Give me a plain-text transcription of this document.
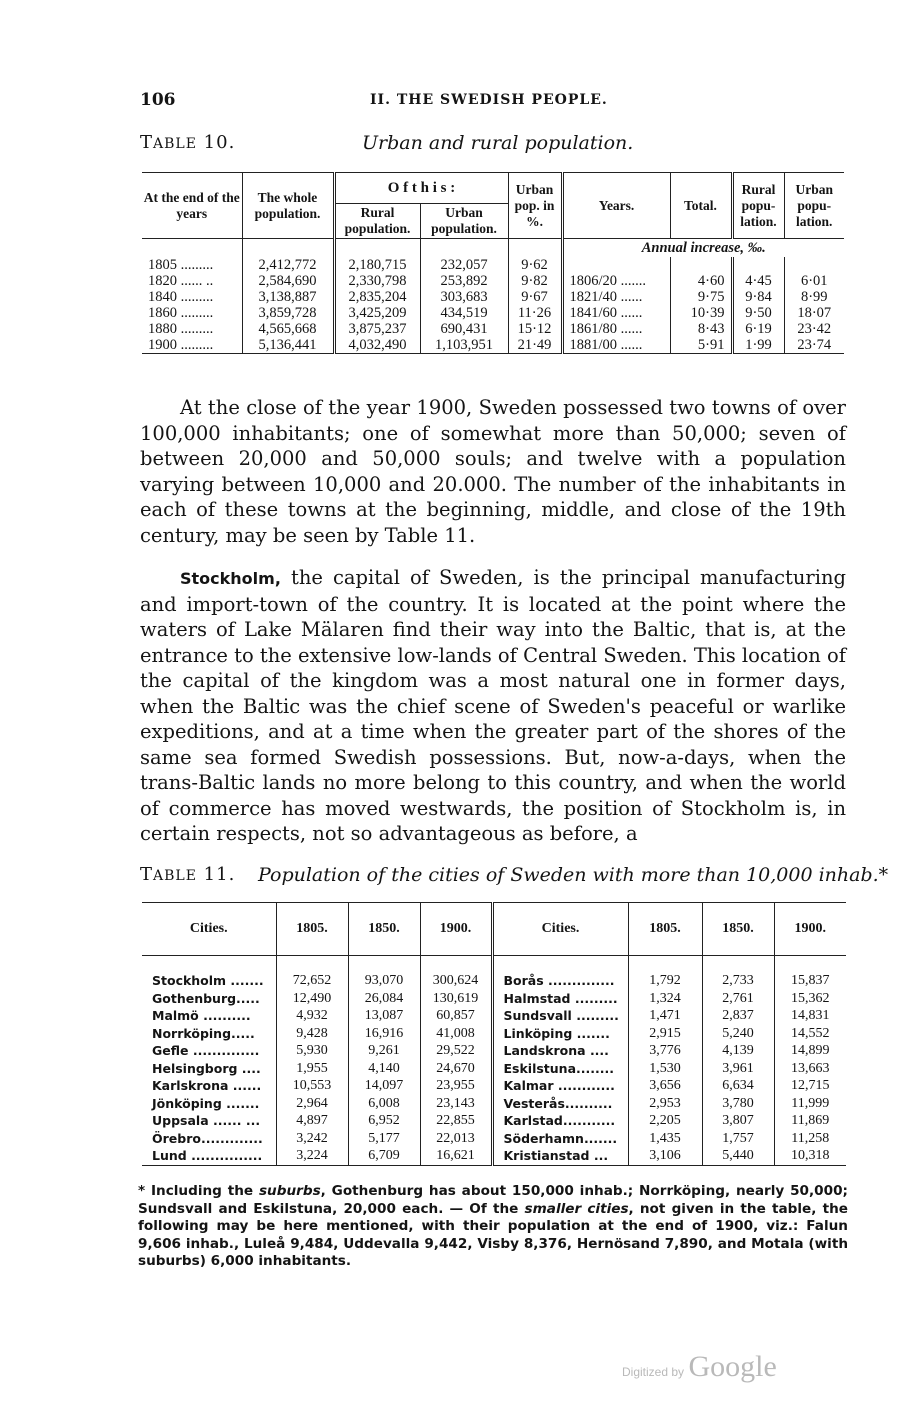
106	II. THE SWEDISH PEOPLE.
TABLE 10.	Urban and rural population.
At the end of the years	The whole population.	O f t h i s :		Urban pop. in %.	Years.	Total.	Rural popu-lation.	Urban popu-lation.
		Rural population.	Urban population.					
					Annual increase, ‰.			
1805 .........	2,412,772	2,180,715	232,057	9·62				
1820 ...... ..	2,584,690	2,330,798	253,892	9·82	1806/20 .......	4·60	4·45	6·01
1840 .........	3,138,887	2,835,204	303,683	9·67	1821/40 ......	9·75	9·84	8·99
1860 .........	3,859,728	3,425,209	434,519	11·26	1841/60 ......	10·39	9·50	18·07
1880 .........	4,565,668	3,875,237	690,431	15·12	1861/80 ......	8·43	6·19	23·42
1900 .........	5,136,441	4,032,490	1,103,951	21·49	1881/00 ......	5·91	1·99	23·74

At the close of the year 1900, Sweden possessed two towns of over 100,000 inhabitants; one of somewhat more than 50,000; seven of between 20,000 and 50,000 souls; and twelve with a population varying between 10,000 and 20.000. The number of the inhabitants in each of these towns at the beginning, middle, and close of the 19th century, may be seen by Table 11.

Stockholm, the capital of Sweden, is the principal manufacturing and import-town of the country. It is located at the point where the waters of Lake Mälaren find their way into the Baltic, that is, at the entrance to the extensive low-lands of Central Sweden. This location of the capital of the kingdom was a most natural one in former days, when the Baltic was the chief scene of Sweden's peaceful or warlike expeditions, and at a time when the greater part of the shores of the same sea formed Swedish possessions. But, now-a-days, when the trans-Baltic lands no more belong to this country, and when the world of commerce has moved westwards, the position of Stockholm is, in certain respects, not so advantageous as before, a

TABLE 11. Population of the cities of Sweden with more than 10,000 inhab.*
Cities.	1805.	1850.	1900.	Cities.	1805.	1850.	1900.

Stockholm .......	72,652	93,070	300,624	Borås ..............	1,792	2,733	15,837
Gothenburg.....	12,490	26,084	130,619	Halmstad .........	1,324	2,761	15,362
Malmö ..........	4,932	13,087	60,857	Sundsvall .........	1,471	2,837	14,831
Norrköping.....	9,428	16,916	41,008	Linköping .......	2,915	5,240	14,552
Gefle ..............	5,930	9,261	29,522	Landskrona ....	3,776	4,139	14,899
Helsingborg ....	1,955	4,140	24,670	Eskilstuna........	1,530	3,961	13,663
Karlskrona ......	10,553	14,097	23,955	Kalmar ............	3,656	6,634	12,715
Jönköping .......	2,964	6,008	23,143	Vesterås..........	2,953	3,780	11,999
Uppsala ...... ...	4,897	6,952	22,855	Karlstad...........	2,205	3,807	11,869
Örebro.............	3,242	5,177	22,013	Söderhamn.......	1,435	1,757	11,258
Lund ...............	3,224	6,709	16,621	Kristianstad ...	3,106	5,440	10,318
* Including the suburbs, Gothenburg has about 150,000 inhab.; Norrköping, nearly 50,000; Sundsvall and Eskilstuna, 20,000 each. — Of the smaller cities, not given in the table, the following may be here mentioned, with their population at the end of 1900, viz.: Falun 9,606 inhab., Luleå 9,484, Uddevalla 9,442, Visby 8,376, Hernösand 7,890, and Motala (with suburbs) 6,000 inhabitants.
Digitized by Google
